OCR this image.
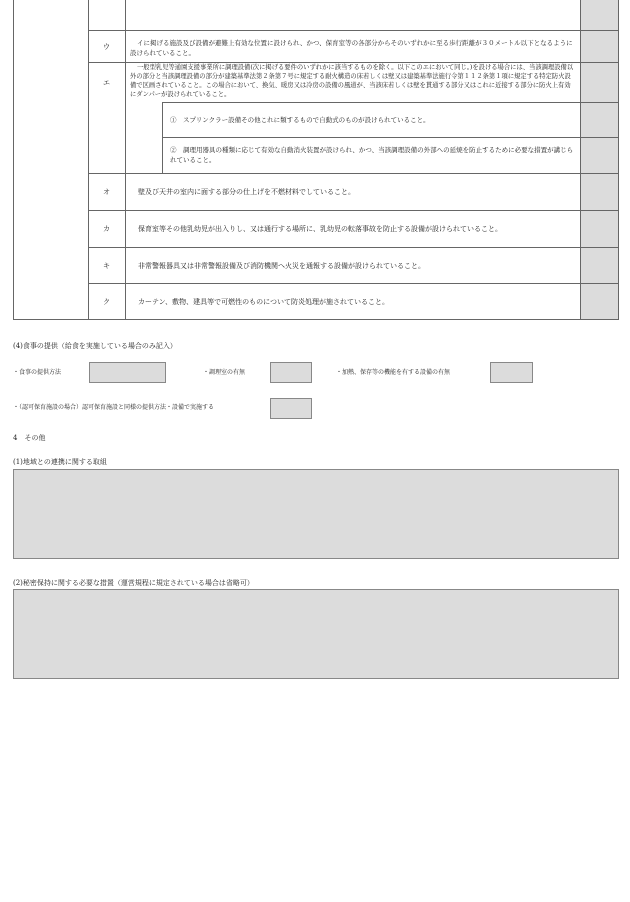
ウ	イに掲げる施設及び設備が避難上有効な位置に設けられ、かつ、保育室等の各部分からそのいずれかに至る歩行距離が３０メートル以下となるように設けられていること。
エ
一般型乳児等通園支援事業所に調理設備(次に掲げる要件のいずれかに該当するものを除く。以下このエにおいて同じ。)を設ける場合には、当該調理設備以外の部分と当該調理設備の部分が建築基準法第２条第７号に規定する耐火構造の床若しくは壁又は建築基準法施行令第１１２条第１項に規定する特定防火設備で区画されていること。この場合において、換気、暖房又は冷房の設備の風道が、当該床若しくは壁を貫通する部分又はこれに近接する部分に防火上有効にダンパーが設けられていること。
①　スプリンクラー設備その他これに類するもので自動式のものが設けられていること。
②　調理用器具の種類に応じて有効な自動消火装置が設けられ、かつ、当該調理設備の外部への延焼を防止するために必要な措置が講じられていること。
オ	壁及び天井の室内に面する部分の仕上げを不燃材料でしていること。
カ	保育室等その他乳幼児が出入りし、又は通行する場所に、乳幼児の転落事故を防止する設備が設けられていること。
キ	非常警報器具又は非常警報設備及び消防機関へ火災を通報する設備が設けられていること。
ク	カーテン、敷物、建具等で可燃性のものについて防炎処理が施されていること。
(4)食事の提供（給食を実施している場合のみ記入）
・食事の提供方法	・調理室の有無	・加熱、保存等の機能を有する設備の有無
・（認可保育施設の場合）認可保育施設と同様の提供方法・設備で実施する
4　その他
(1)地域との連携に関する取組
(2)秘密保持に関する必要な措置（運営規程に規定されている場合は省略可）
